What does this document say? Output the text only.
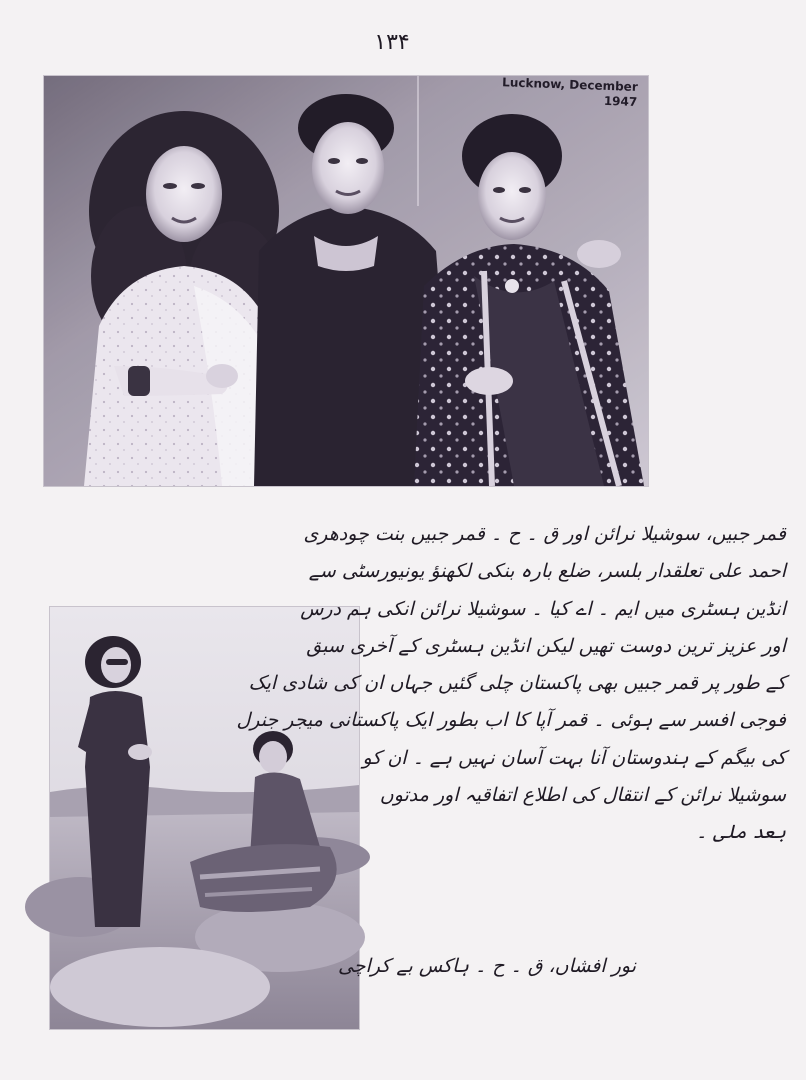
۱۳۴
Lucknow, December
1947
قمر جبیں، سوشیلا نرائن اور ق ۔ ح ۔ قمر جبیں بنت چودھری
احمد علی تعلقدار بلسر، ضلع بارہ بنکی لکھنؤ یونیورسٹی سے
انڈین ہسٹری میں ایم ۔ اے کیا ۔ سوشیلا نرائن انکی ہم درس
اور عزیز ترین دوست تھیں لیکن انڈین ہسٹری کے آخری سبق
کے طور پر قمر جبیں بھی پاکستان چلی گئیں جہاں ان کی شادی ایک
فوجی افسر سے ہوئی ۔ قمر آپا کا اب بطور ایک پاکستانی میجر جنرل
کی بیگم کے ہندوستان آنا بہت آسان نہیں ہے ۔ ان کو
سوشیلا نرائن کے انتقال کی اطلاع اتفاقیہ اور مدتوں
بعد ملی ۔
نور افشاں، ق ۔ ح ۔ ہاکس بے کراچی
